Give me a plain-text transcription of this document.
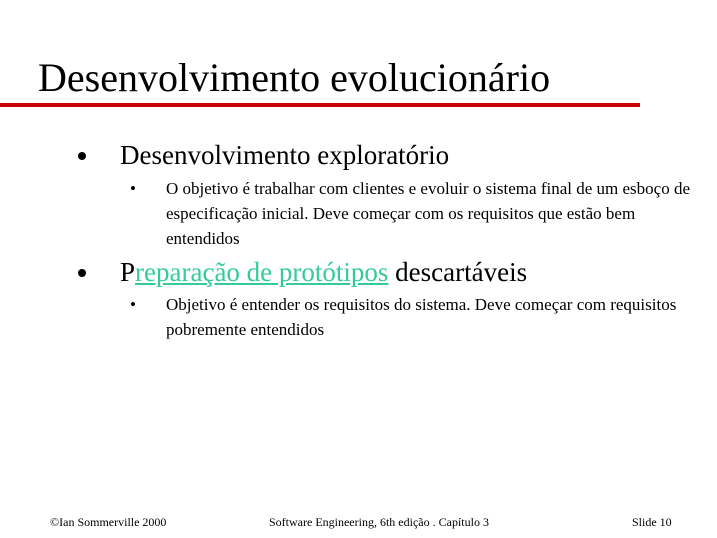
Desenvolvimento evolucionário
Desenvolvimento exploratório
• O objetivo é trabalhar com clientes e evoluir o sistema final de um esboço de especificação inicial. Deve começar com os requisitos que estão bem entendidos
Preparação de protótipos descartáveis
• Objetivo é entender os requisitos do sistema. Deve começar com requisitos pobremente entendidos
©Ian Sommerville 2000	Software Engineering, 6th edição . Capítulo 3	Slide 10
